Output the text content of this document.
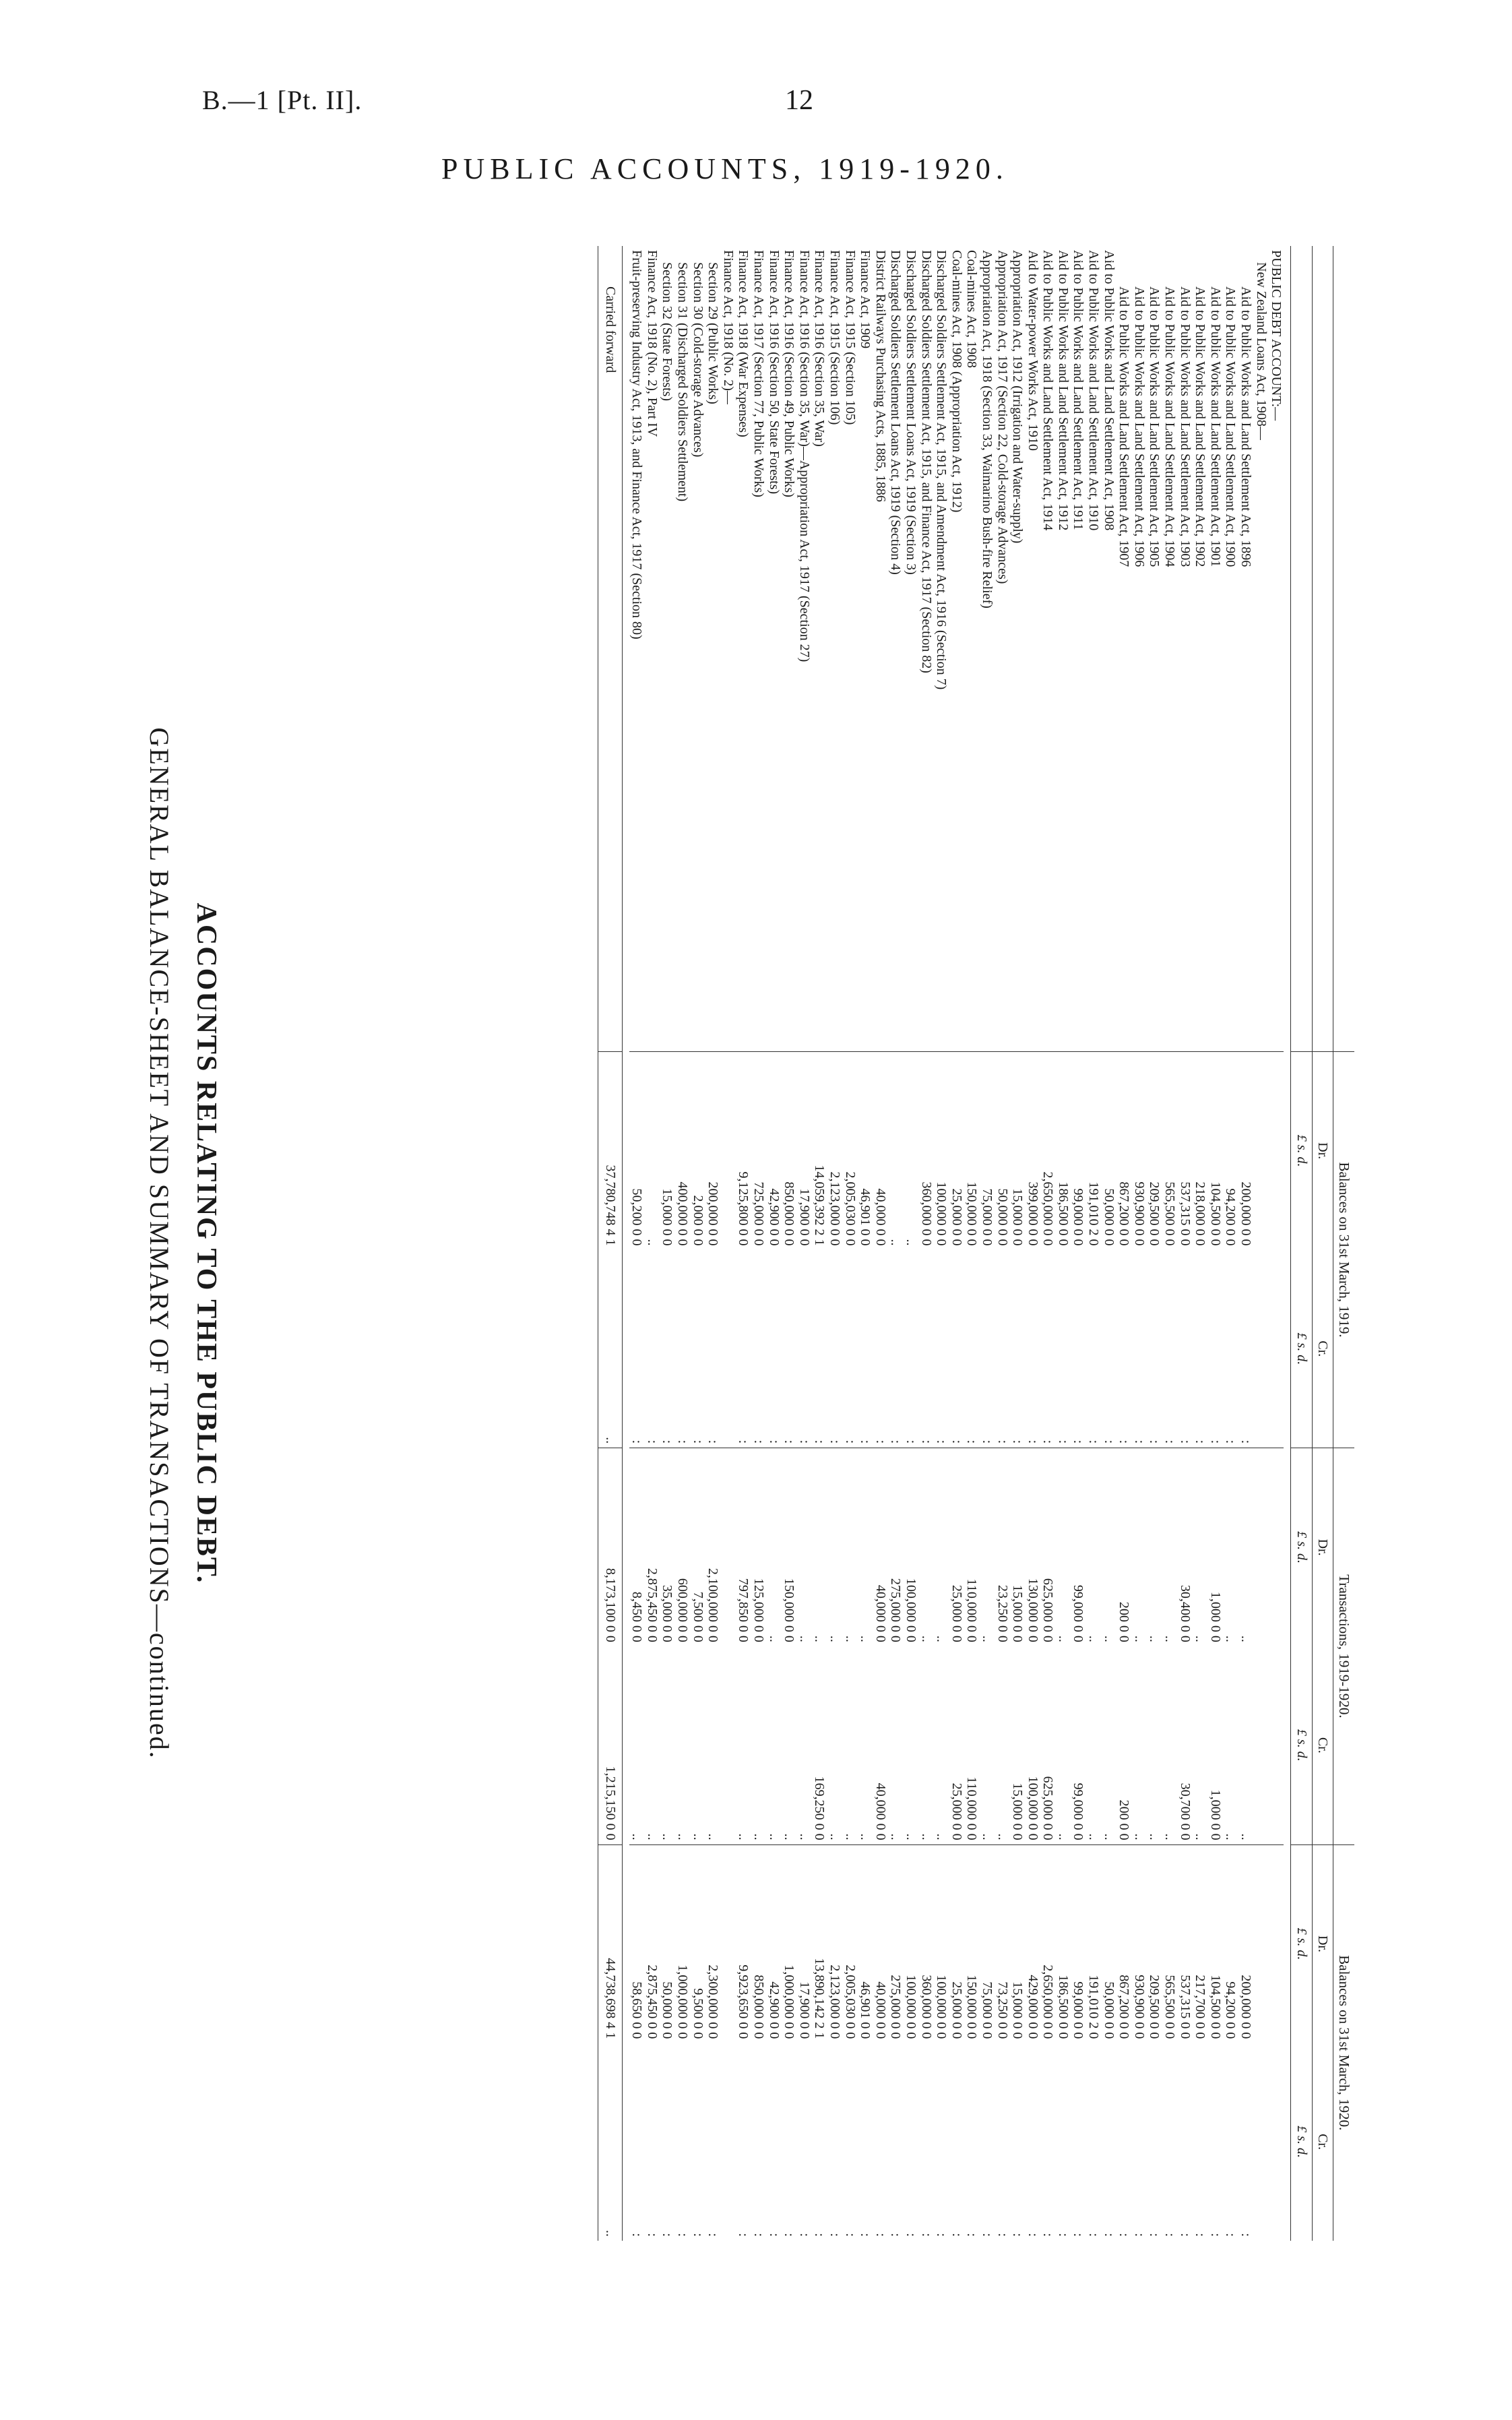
B.—1 [Pt. II].	12
PUBLIC ACCOUNTS, 1919-1920.
GENERAL BALANCE-SHEET AND SUMMARY OF TRANSACTIONS—continued. ACCOUNTS RELATING TO THE PUBLIC DEBT.
		Balances on 31st March, 1919.		Transactions, 1919-1920.		Balances on 31st March, 1920.	
	Dr.	Cr.	Dr.	Cr.	Dr.	Cr.
	£ s. d.	£ s. d.	£ s. d.	£ s. d.	£ s. d.	£ s. d.

PUBLIC DEBT ACCOUNT:—						
New Zealand Loans Act, 1908—						
Aid to Public Works and Land Settlement Act, 1896	200,000 0 0	:	..	..	200,000 0 0	:
Aid to Public Works and Land Settlement Act, 1900	94,200 0 0	:	..	..	94,200 0 0	:
Aid to Public Works and Land Settlement Act, 1901	104,500 0 0	:	1,000 0 0	1,000 0 0	104,500 0 0	:
Aid to Public Works and Land Settlement Act, 1902	218,000 0 0	:	..	..	217,700 0 0	:
Aid to Public Works and Land Settlement Act, 1903	537,315 0 0	:	30,400 0 0	30,700 0 0	537,315 0 0	:
Aid to Public Works and Land Settlement Act, 1904	565,500 0 0	:	..	..	565,500 0 0	:
Aid to Public Works and Land Settlement Act, 1905	209,500 0 0	:	..	..	209,500 0 0	:
Aid to Public Works and Land Settlement Act, 1906	930,900 0 0	:	..	..	930,900 0 0	:
Aid to Public Works and Land Settlement Act, 1907	867,200 0 0	:	200 0 0	200 0 0	867,200 0 0	:
Aid to Public Works and Land Settlement Act, 1908	50,000 0 0	:	..	..	50,000 0 0	:
Aid to Public Works and Land Settlement Act, 1910	191,010 2 0	:	..	..	191,010 2 0	:
Aid to Public Works and Land Settlement Act, 1911	99,000 0 0	:	99,000 0 0	99,000 0 0	99,000 0 0	:
Aid to Public Works and Land Settlement Act, 1912	186,500 0 0	:	..	..	186,500 0 0	:
Aid to Public Works and Land Settlement Act, 1914	2,650,000 0 0	:	625,000 0 0	625,000 0 0	2,650,000 0 0	:
Aid to Water-power Works Act, 1910	399,000 0 0	:	130,000 0 0	100,000 0 0	429,000 0 0	:
Appropriation Act, 1912 (Irrigation and Water-supply)	15,000 0 0	:	15,000 0 0	15,000 0 0	15,000 0 0	:
Appropriation Act, 1917 (Section 22, Cold-storage Advances)	50,000 0 0	:	23,250 0 0	..	73,250 0 0	:
Appropriation Act, 1918 (Section 33, Waimarino Bush-fire Relief)	75,000 0 0	:	..	..	75,000 0 0	:
Coal-mines Act, 1908	150,000 0 0	:	110,000 0 0	110,000 0 0	150,000 0 0	:
Coal-mines Act, 1908 (Appropriation Act, 1912)	25,000 0 0	:	25,000 0 0	25,000 0 0	25,000 0 0	:
Discharged Soldiers Settlement Act, 1915, and Amendment Act, 1916 (Section 7)	100,000 0 0	:	..	..	100,000 0 0	:
Discharged Soldiers Settlement Act, 1915, and Finance Act, 1917 (Section 82)	360,000 0 0	:	..	..	360,000 0 0	:
Discharged Soldiers Settlement Loans Act, 1919 (Section 3)	..	:	100,000 0 0	..	100,000 0 0	:
Discharged Soldiers Settlement Loans Act, 1919 (Section 4)	..	:	275,000 0 0	..	275,000 0 0	:
District Railways Purchasing Acts, 1885, 1886	40,000 0 0	:	40,000 0 0	40,000 0 0	40,000 0 0	:
Finance Act, 1909	46,901 0 0	:	..	..	46,901 0 0	:
Finance Act, 1915 (Section 105)	2,005,030 0 0	:	..	..	2,005,030 0 0	:
Finance Act, 1915 (Section 106)	2,123,000 0 0	:	..	..	2,123,000 0 0	:
Finance Act, 1916 (Section 35, War)	14,059,392 2 1	:	..	169,250 0 0	13,890,142 2 1	:
Finance Act, 1916 (Section 35, War)—Appropriation Act, 1917 (Section 27)	17,900 0 0	:	..	..	17,900 0 0	:
Finance Act, 1916 (Section 49, Public Works)	850,000 0 0	:	150,000 0 0	..	1,000,000 0 0	:
Finance Act, 1916 (Section 50, State Forests)	42,900 0 0	:	..	..	42,900 0 0	:
Finance Act, 1917 (Section 77, Public Works)	725,000 0 0	:	125,000 0 0	..	850,000 0 0	:
Finance Act, 1918 (War Expenses)	9,125,800 0 0	:	797,850 0 0	..	9,923,650 0 0	:
Finance Act, 1918 (No. 2)—						
Section 29 (Public Works)	200,000 0 0	:	2,100,000 0 0	..	2,300,000 0 0	:
Section 30 (Cold-storage Advances)	2,000 0 0	:	7,500 0 0	..	9,500 0 0	:
Section 31 (Discharged Soldiers Settlement)	400,000 0 0	:	600,000 0 0	..	1,000,000 0 0	:
Section 32 (State Forests)	15,000 0 0	:	35,000 0 0	..	50,000 0 0	:
Finance Act, 1918 (No. 2), Part IV	..	:	2,875,450 0 0	..	2,875,450 0 0	:
Fruit-preserving Industry Act, 1913, and Finance Act, 1917 (Section 80)	50,200 0 0	:	8,450 0 0	..	58,650 0 0	:

Carried forward	37,780,748 4 1	..	8,173,100 0 0	1,215,150 0 0	44,738,698 4 1	..
